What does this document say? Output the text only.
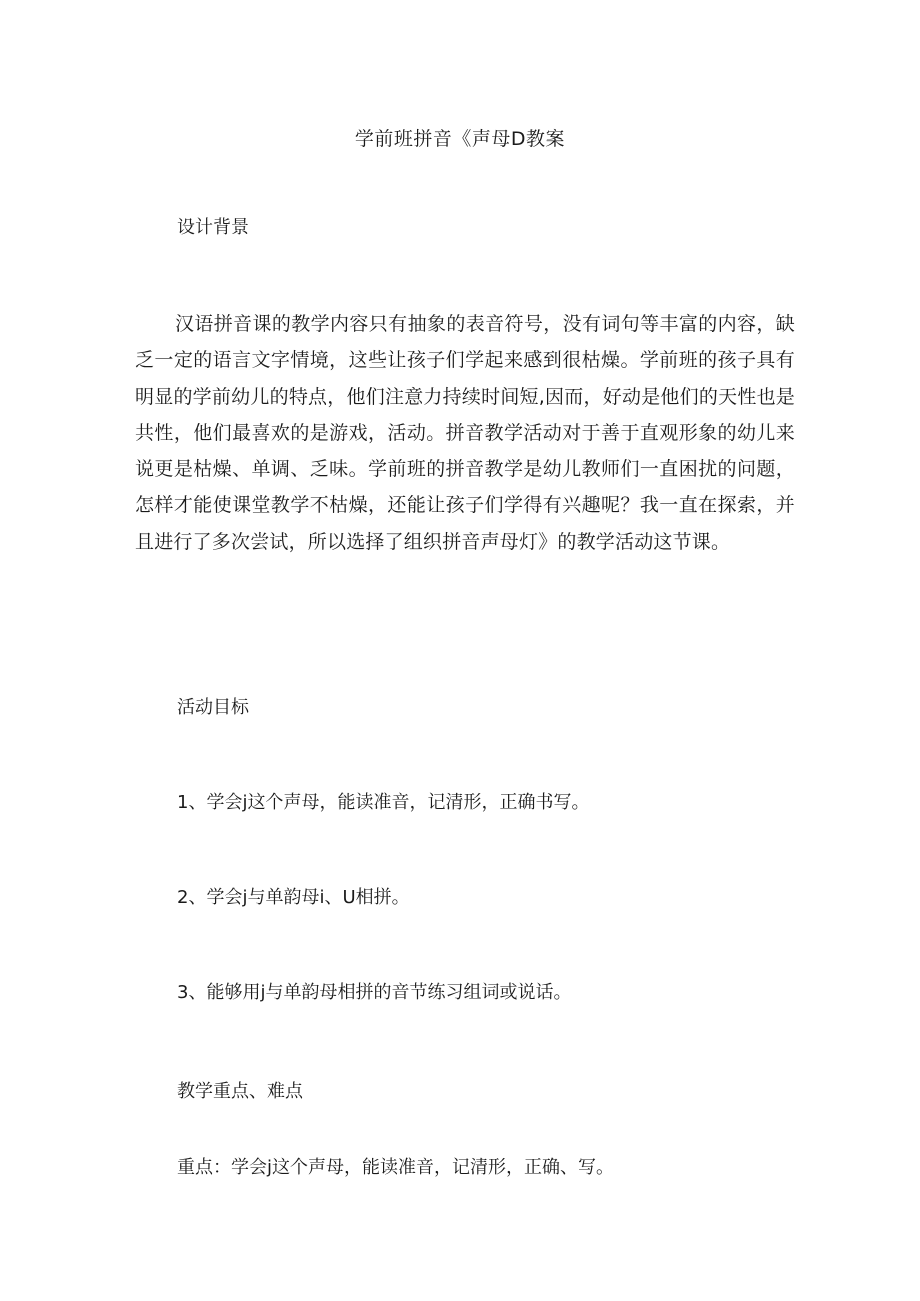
学前班拼音《声母D教案
设计背景
汉语拼音课的教学内容只有抽象的表音符号，没有词句等丰富的内容，缺乏一定的语言文字情境，这些让孩子们学起来感到很枯燥。学前班的孩子具有明显的学前幼儿的特点，他们注意力持续时间短,因而，好动是他们的天性也是共性，他们最喜欢的是游戏，活动。拼音教学活动对于善于直观形象的幼儿来说更是枯燥、单调、乏味。学前班的拼音教学是幼儿教师们一直困扰的问题，怎样才能使课堂教学不枯燥，还能让孩子们学得有兴趣呢？我一直在探索，并且进行了多次尝试，所以选择了组织拼音声母灯》的教学活动这节课。
活动目标
1、学会j这个声母，能读准音，记清形，正确书写。
2、学会j与单韵母i、U相拼。
3、能够用j与单韵母相拼的音节练习组词或说话。
教学重点、难点
重点：学会j这个声母，能读准音，记清形，正确、写。
